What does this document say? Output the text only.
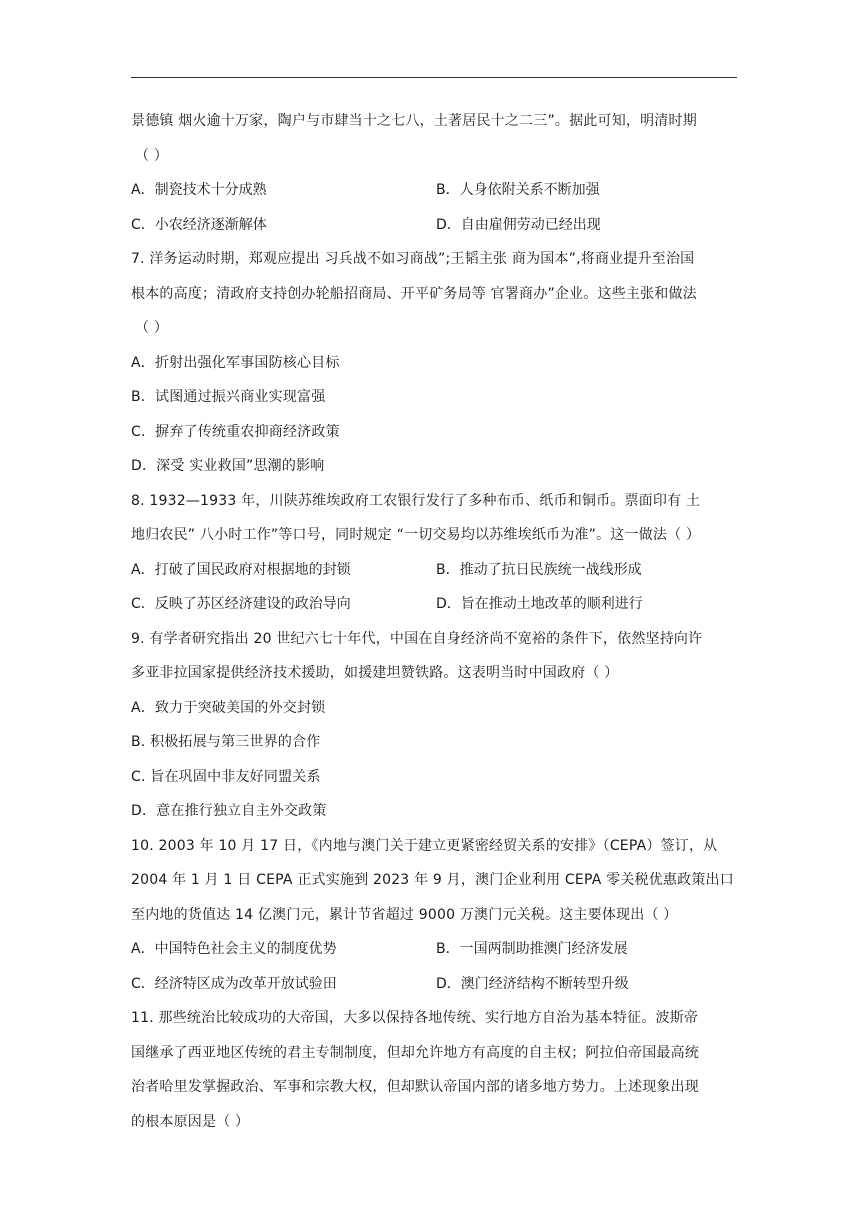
景德镇 烟火逾十万家，陶户与市肆当十之七八，土著居民十之二三”。据此可知，明清时期
（ ）
A．制瓷技术十分成熟	B．人身依附关系不断加强
C．小农经济逐渐解体	D．自由雇佣劳动已经出现
7. 洋务运动时期，郑观应提出 习兵战不如习商战”;王韬主张 商为国本”,将商业提升至治国
根本的高度；清政府支持创办轮船招商局、开平矿务局等 官署商办”企业。这些主张和做法
（ ）
A．折射出强化军事国防核心目标
B．试图通过振兴商业实现富强
C．摒弃了传统重农抑商经济政策
D．深受 实业救国”思潮的影响
8. 1932—1933 年，川陕苏维埃政府工农银行发行了多种布币、纸币和铜币。票面印有 土
地归农民” 八小时工作”等口号，同时规定 “一切交易均以苏维埃纸币为准”。这一做法（ ）
A．打破了国民政府对根据地的封锁	B．推动了抗日民族统一战线形成
C．反映了苏区经济建设的政治导向	D．旨在推动土地改革的顺利进行
9. 有学者研究指出 20 世纪六七十年代，中国在自身经济尚不宽裕的条件下，依然坚持向许
多亚非拉国家提供经济技术援助，如援建坦赞铁路。这表明当时中国政府（ ）
A．致力于突破美国的外交封锁
B. 积极拓展与第三世界的合作
C. 旨在巩固中非友好同盟关系
D．意在推行独立自主外交政策
10. 2003 年 10 月 17 日，《内地与澳门关于建立更紧密经贸关系的安排》（CEPA）签订，从
2004 年 1 月 1 日 CEPA 正式实施到 2023 年 9 月，澳门企业利用 CEPA 零关税优惠政策出口
至内地的货值达 14 亿澳门元，累计节省超过 9000 万澳门元关税。这主要体现出（ ）
A．中国特色社会主义的制度优势	B．一国两制助推澳门经济发展
C．经济特区成为改革开放试验田	D．澳门经济结构不断转型升级
11. 那些统治比较成功的大帝国，大多以保持各地传统、实行地方自治为基本特征。波斯帝
国继承了西亚地区传统的君主专制制度，但却允许地方有高度的自主权；阿拉伯帝国最高统
治者哈里发掌握政治、军事和宗教大权，但却默认帝国内部的诸多地方势力。上述现象出现
的根本原因是（ ）
